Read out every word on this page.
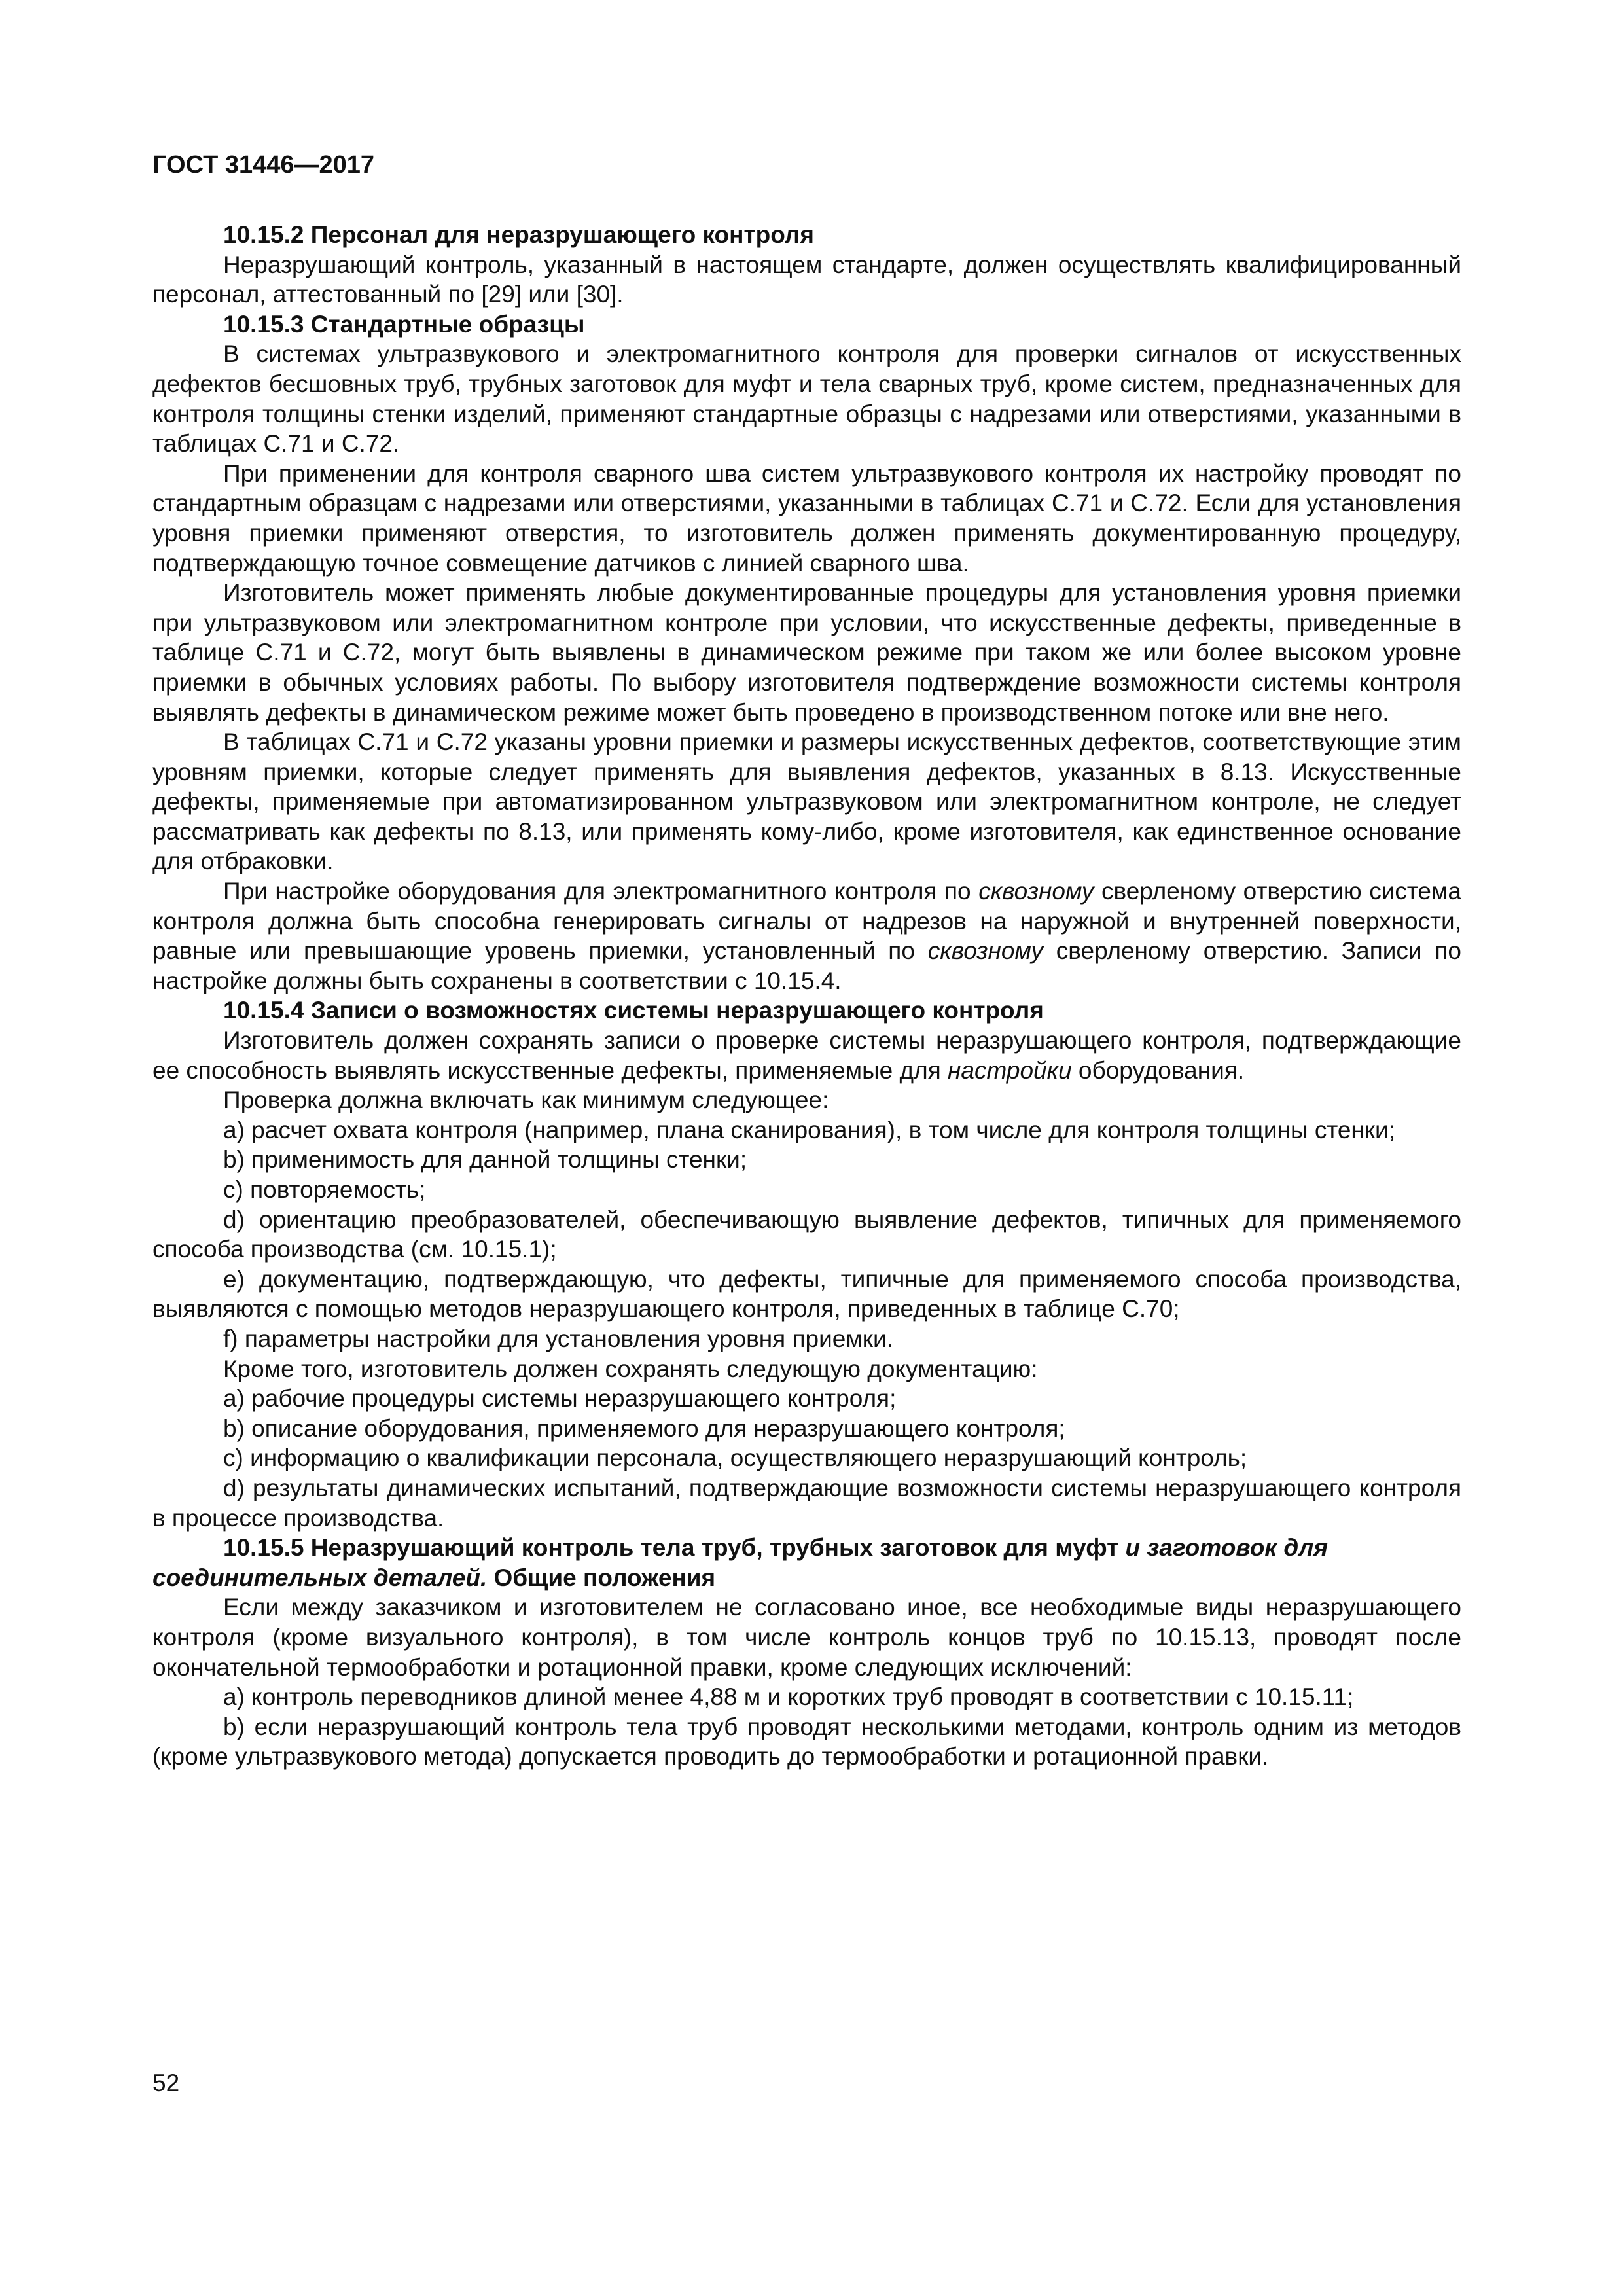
ГОСТ 31446—2017

10.15.2 Персонал для неразрушающего контроля

Неразрушающий контроль, указанный в настоящем стандарте, должен осуществлять квалифицированный персонал, аттестованный по [29] или [30].

10.15.3 Стандартные образцы

В системах ультразвукового и электромагнитного контроля для проверки сигналов от искусственных дефектов бесшовных труб, трубных заготовок для муфт и тела сварных труб, кроме систем, предназначенных для контроля толщины стенки изделий, применяют стандартные образцы с надрезами или отверстиями, указанными в таблицах С.71 и С.72.

При применении для контроля сварного шва систем ультразвукового контроля их настройку проводят по стандартным образцам с надрезами или отверстиями, указанными в таблицах С.71 и С.72. Если для установления уровня приемки применяют отверстия, то изготовитель должен применять документированную процедуру, подтверждающую точное совмещение датчиков с линией сварного шва.

Изготовитель может применять любые документированные процедуры для установления уровня приемки при ультразвуковом или электромагнитном контроле при условии, что искусственные дефекты, приведенные в таблице С.71 и С.72, могут быть выявлены в динамическом режиме при таком же или более высоком уровне приемки в обычных условиях работы. По выбору изготовителя подтверждение возможности системы контроля выявлять дефекты в динамическом режиме может быть проведено в производственном потоке или вне него.

В таблицах С.71 и С.72 указаны уровни приемки и размеры искусственных дефектов, соответствующие этим уровням приемки, которые следует применять для выявления дефектов, указанных в 8.13. Искусственные дефекты, применяемые при автоматизированном ультразвуковом или электромагнитном контроле, не следует рассматривать как дефекты по 8.13, или применять кому-либо, кроме изготовителя, как единственное основание для отбраковки.

При настройке оборудования для электромагнитного контроля по сквозному сверленому отверстию система контроля должна быть способна генерировать сигналы от надрезов на наружной и внутренней поверхности, равные или превышающие уровень приемки, установленный по сквозному сверленому отверстию. Записи по настройке должны быть сохранены в соответствии с 10.15.4.

10.15.4 Записи о возможностях системы неразрушающего контроля

Изготовитель должен сохранять записи о проверке системы неразрушающего контроля, подтверждающие ее способность выявлять искусственные дефекты, применяемые для настройки оборудования.

Проверка должна включать как минимум следующее:

а) расчет охвата контроля (например, плана сканирования), в том числе для контроля толщины стенки;

b) применимость для данной толщины стенки;

c) повторяемость;

d) ориентацию преобразователей, обеспечивающую выявление дефектов, типичных для применяемого способа производства (см. 10.15.1);

e) документацию, подтверждающую, что дефекты, типичные для применяемого способа производства, выявляются с помощью методов неразрушающего контроля, приведенных в таблице С.70;

f) параметры настройки для установления уровня приемки.

Кроме того, изготовитель должен сохранять следующую документацию:

а) рабочие процедуры системы неразрушающего контроля;

b) описание оборудования, применяемого для неразрушающего контроля;

c) информацию о квалификации персонала, осуществляющего неразрушающий контроль;

d) результаты динамических испытаний, подтверждающие возможности системы неразрушающего контроля в процессе производства.

10.15.5 Неразрушающий контроль тела труб, трубных заготовок для муфт и заготовок для соединительных деталей. Общие положения

Если между заказчиком и изготовителем не согласовано иное, все необходимые виды неразрушающего контроля (кроме визуального контроля), в том числе контроль концов труб по 10.15.13, проводят после окончательной термообработки и ротационной правки, кроме следующих исключений:

а) контроль переводников длиной менее 4,88 м и коротких труб проводят в соответствии с 10.15.11;

b) если неразрушающий контроль тела труб проводят несколькими методами, контроль одним из методов (кроме ультразвукового метода) допускается проводить до термообработки и ротационной правки.

52
